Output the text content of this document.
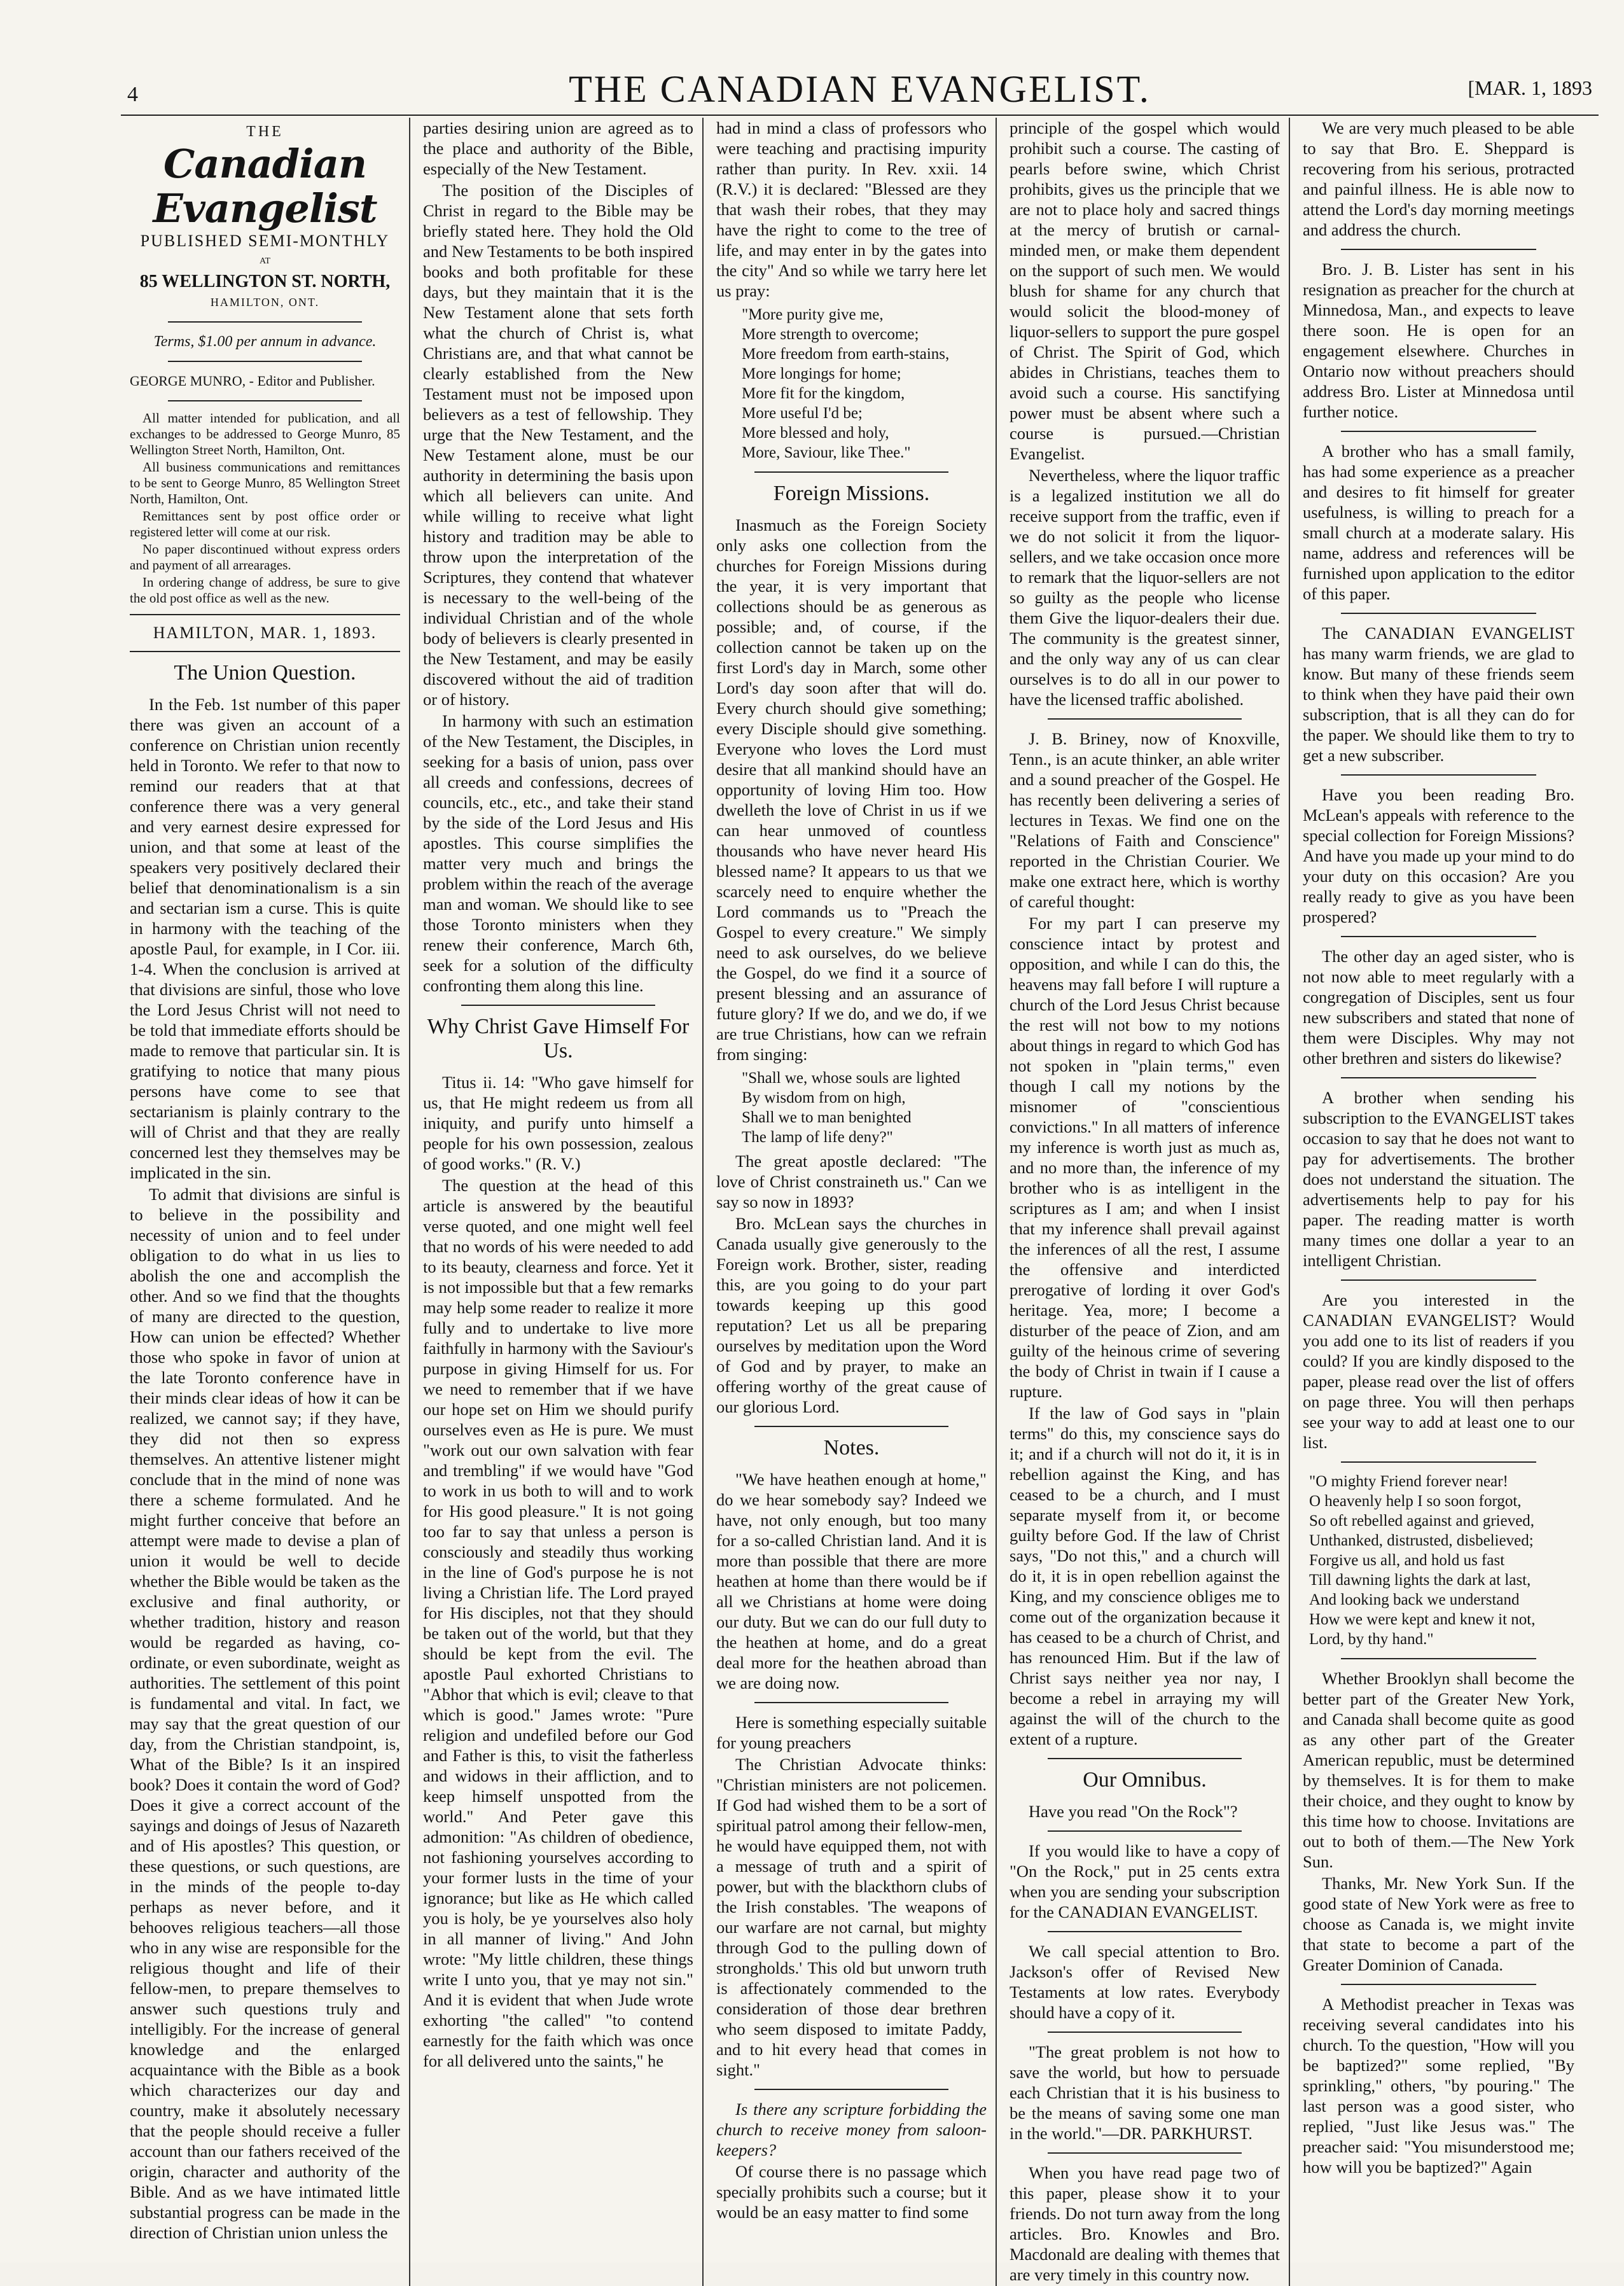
4	THE CANADIAN EVANGELIST.	[MAR. 1, 1893
THE
Canadian Evangelist
PUBLISHED SEMI-MONTHLY
AT
85 WELLINGTON ST. NORTH,
HAMILTON, ONT.
Terms, $1.00 per annum in advance.
GEORGE MUNRO, - Editor and Publisher.

All matter intended for publication, and all exchanges to be addressed to George Munro, 85 Wellington Street North, Hamilton, Ont.

All business communications and remittances to be sent to George Munro, 85 Wellington Street North, Hamilton, Ont.

Remittances sent by post office order or registered letter will come at our risk.

No paper discontinued without express orders and payment of all arrearages.

In ordering change of address, be sure to give the old post office as well as the new.

HAMILTON, MAR. 1, 1893.
The Union Question.

In the Feb. 1st number of this paper there was given an account of a conference on Christian union recently held in Toronto. We refer to that now to remind our readers that at that conference there was a very general and very earnest desire expressed for union, and that some at least of the speakers very positively declared their belief that denominationalism is a sin and sectarian ism a curse. This is quite in harmony with the teaching of the apostle Paul, for example, in I Cor. iii. 1-4. When the conclusion is arrived at that divisions are sinful, those who love the Lord Jesus Christ will not need to be told that immediate efforts should be made to remove that particular sin. It is gratifying to notice that many pious persons have come to see that sectarianism is plainly contrary to the will of Christ and that they are really concerned lest they themselves may be implicated in the sin.

To admit that divisions are sinful is to believe in the possibility and necessity of union and to feel under obligation to do what in us lies to abolish the one and accomplish the other. And so we find that the thoughts of many are directed to the question, How can union be effected? Whether those who spoke in favor of union at the late Toronto conference have in their minds clear ideas of how it can be realized, we cannot say; if they have, they did not then so express themselves. An attentive listener might conclude that in the mind of none was there a scheme formulated. And he might further conceive that before an attempt were made to devise a plan of union it would be well to decide whether the Bible would be taken as the exclusive and final authority, or whether tradition, history and reason would be regarded as having, co-ordinate, or even subordinate, weight as authorities. The settlement of this point is fundamental and vital. In fact, we may say that the great question of our day, from the Christian standpoint, is, What of the Bible? Is it an inspired book? Does it contain the word of God? Does it give a correct account of the sayings and doings of Jesus of Nazareth and of His apostles? This question, or these questions, or such questions, are in the minds of the people to-day perhaps as never before, and it behooves religious teachers—all those who in any wise are responsible for the religious thought and life of their fellow-men, to prepare themselves to answer such questions truly and intelligibly. For the increase of general knowledge and the enlarged acquaintance with the Bible as a book which characterizes our day and country, make it absolutely necessary that the people should receive a fuller account than our fathers received of the origin, character and authority of the Bible. And as we have intimated little substantial progress can be made in the direction of Christian union unless the

parties desiring union are agreed as to the place and authority of the Bible, especially of the New Testament.

The position of the Disciples of Christ in regard to the Bible may be briefly stated here. They hold the Old and New Testaments to be both inspired books and both profitable for these days, but they maintain that it is the New Testament alone that sets forth what the church of Christ is, what Christians are, and that what cannot be clearly established from the New Testament must not be imposed upon believers as a test of fellowship. They urge that the New Testament, and the New Testament alone, must be our authority in determining the basis upon which all believers can unite. And while willing to receive what light history and tradition may be able to throw upon the interpretation of the Scriptures, they contend that whatever is necessary to the well-being of the individual Christian and of the whole body of believers is clearly presented in the New Testament, and may be easily discovered without the aid of tradition or of history.

In harmony with such an estimation of the New Testament, the Disciples, in seeking for a basis of union, pass over all creeds and confessions, decrees of councils, etc., etc., and take their stand by the side of the Lord Jesus and His apostles. This course simplifies the matter very much and brings the problem within the reach of the average man and woman. We should like to see those Toronto ministers when they renew their conference, March 6th, seek for a solution of the difficulty confronting them along this line.

Why Christ Gave Himself For Us.

Titus ii. 14: "Who gave himself for us, that He might redeem us from all iniquity, and purify unto himself a people for his own possession, zealous of good works." (R. V.)

The question at the head of this article is answered by the beautiful verse quoted, and one might well feel that no words of his were needed to add to its beauty, clearness and force. Yet it is not impossible but that a few remarks may help some reader to realize it more fully and to undertake to live more faithfully in harmony with the Saviour's purpose in giving Himself for us. For we need to remember that if we have our hope set on Him we should purify ourselves even as He is pure. We must "work out our own salvation with fear and trembling" if we would have "God to work in us both to will and to work for His good pleasure." It is not going too far to say that unless a person is consciously and steadily thus working in the line of God's purpose he is not living a Christian life. The Lord prayed for His disciples, not that they should be taken out of the world, but that they should be kept from the evil. The apostle Paul exhorted Christians to "Abhor that which is evil; cleave to that which is good." James wrote: "Pure religion and undefiled before our God and Father is this, to visit the fatherless and widows in their affliction, and to keep himself unspotted from the world." And Peter gave this admonition: "As children of obedience, not fashioning yourselves according to your former lusts in the time of your ignorance; but like as He which called you is holy, be ye yourselves also holy in all manner of living." And John wrote: "My little children, these things write I unto you, that ye may not sin." And it is evident that when Jude wrote exhorting "the called" "to contend earnestly for the faith which was once for all delivered unto the saints," he

had in mind a class of professors who were teaching and practising impurity rather than purity. In Rev. xxii. 14 (R.V.) it is declared: "Blessed are they that wash their robes, that they may have the right to come to the tree of life, and may enter in by the gates into the city" And so while we tarry here let us pray:

"More purity give me,
More strength to overcome;
More freedom from earth-stains,
More longings for home;
More fit for the kingdom,
More useful I'd be;
More blessed and holy,
More, Saviour, like Thee."
Foreign Missions.

Inasmuch as the Foreign Society only asks one collection from the churches for Foreign Missions during the year, it is very important that collections should be as generous as possible; and, of course, if the collection cannot be taken up on the first Lord's day in March, some other Lord's day soon after that will do. Every church should give something; every Disciple should give something. Everyone who loves the Lord must desire that all mankind should have an opportunity of loving Him too. How dwelleth the love of Christ in us if we can hear unmoved of countless thousands who have never heard His blessed name? It appears to us that we scarcely need to enquire whether the Lord commands us to "Preach the Gospel to every creature." We simply need to ask ourselves, do we believe the Gospel, do we find it a source of present blessing and an assurance of future glory? If we do, and we do, if we are true Christians, how can we refrain from singing:

"Shall we, whose souls are lighted
By wisdom from on high,
Shall we to man benighted
The lamp of life deny?"

The great apostle declared: "The love of Christ constraineth us." Can we say so now in 1893?

Bro. McLean says the churches in Canada usually give generously to the Foreign work. Brother, sister, reading this, are you going to do your part towards keeping up this good reputation? Let us all be preparing ourselves by meditation upon the Word of God and by prayer, to make an offering worthy of the great cause of our glorious Lord.

Notes.

"We have heathen enough at home," do we hear somebody say? Indeed we have, not only enough, but too many for a so-called Christian land. And it is more than possible that there are more heathen at home than there would be if all we Christians at home were doing our duty. But we can do our full duty to the heathen at home, and do a great deal more for the heathen abroad than we are doing now.

Here is something especially suitable for young preachers

The Christian Advocate thinks: "Christian ministers are not policemen. If God had wished them to be a sort of spiritual patrol among their fellow-men, he would have equipped them, not with a message of truth and a spirit of power, but with the blackthorn clubs of the Irish constables. 'The weapons of our warfare are not carnal, but mighty through God to the pulling down of strongholds.' This old but unworn truth is affectionately commended to the consideration of those dear brethren who seem disposed to imitate Paddy, and to hit every head that comes in sight."

Is there any scripture forbidding the church to receive money from saloon-keepers?

Of course there is no passage which specially prohibits such a course; but it would be an easy matter to find some

principle of the gospel which would prohibit such a course. The casting of pearls before swine, which Christ prohibits, gives us the principle that we are not to place holy and sacred things at the mercy of brutish or carnal-minded men, or make them dependent on the support of such men. We would blush for shame for any church that would solicit the blood-money of liquor-sellers to support the pure gospel of Christ. The Spirit of God, which abides in Christians, teaches them to avoid such a course. His sanctifying power must be absent where such a course is pursued.—Christian Evangelist.

Nevertheless, where the liquor traffic is a legalized institution we all do receive support from the traffic, even if we do not solicit it from the liquor-sellers, and we take occasion once more to remark that the liquor-sellers are not so guilty as the people who license them Give the liquor-dealers their due. The community is the greatest sinner, and the only way any of us can clear ourselves is to do all in our power to have the licensed traffic abolished.

J. B. Briney, now of Knoxville, Tenn., is an acute thinker, an able writer and a sound preacher of the Gospel. He has recently been delivering a series of lectures in Texas. We find one on the "Relations of Faith and Conscience" reported in the Christian Courier. We make one extract here, which is worthy of careful thought:

For my part I can preserve my conscience intact by protest and opposition, and while I can do this, the heavens may fall before I will rupture a church of the Lord Jesus Christ because the rest will not bow to my notions about things in regard to which God has not spoken in "plain terms," even though I call my notions by the misnomer of "conscientious convictions." In all matters of inference my inference is worth just as much as, and no more than, the inference of my brother who is as intelligent in the scriptures as I am; and when I insist that my inference shall prevail against the inferences of all the rest, I assume the offensive and interdicted prerogative of lording it over God's heritage. Yea, more; I become a disturber of the peace of Zion, and am guilty of the heinous crime of severing the body of Christ in twain if I cause a rupture.

If the law of God says in "plain terms" do this, my conscience says do it; and if a church will not do it, it is in rebellion against the King, and has ceased to be a church, and I must separate myself from it, or become guilty before God. If the law of Christ says, "Do not this," and a church will do it, it is in open rebellion against the King, and my conscience obliges me to come out of the organization because it has ceased to be a church of Christ, and has renounced Him. But if the law of Christ says neither yea nor nay, I become a rebel in arraying my will against the will of the church to the extent of a rupture.

Our Omnibus.

Have you read "On the Rock"?

If you would like to have a copy of "On the Rock," put in 25 cents extra when you are sending your subscription for the CANADIAN EVANGELIST.

We call special attention to Bro. Jackson's offer of Revised New Testaments at low rates. Everybody should have a copy of it.

"The great problem is not how to save the world, but how to persuade each Christian that it is his business to be the means of saving some one man in the world."—DR. PARKHURST.

When you have read page two of this paper, please show it to your friends. Do not turn away from the long articles. Bro. Knowles and Bro. Macdonald are dealing with themes that are very timely in this country now.

We are very much pleased to be able to say that Bro. E. Sheppard is recovering from his serious, protracted and painful illness. He is able now to attend the Lord's day morning meetings and address the church.

Bro. J. B. Lister has sent in his resignation as preacher for the church at Minnedosa, Man., and expects to leave there soon. He is open for an engagement elsewhere. Churches in Ontario now without preachers should address Bro. Lister at Minnedosa until further notice.

A brother who has a small family, has had some experience as a preacher and desires to fit himself for greater usefulness, is willing to preach for a small church at a moderate salary. His name, address and references will be furnished upon application to the editor of this paper.

The CANADIAN EVANGELIST has many warm friends, we are glad to know. But many of these friends seem to think when they have paid their own subscription, that is all they can do for the paper. We should like them to try to get a new subscriber.

Have you been reading Bro. McLean's appeals with reference to the special collection for Foreign Missions? And have you made up your mind to do your duty on this occasion? Are you really ready to give as you have been prospered?

The other day an aged sister, who is not now able to meet regularly with a congregation of Disciples, sent us four new subscribers and stated that none of them were Disciples. Why may not other brethren and sisters do likewise?

A brother when sending his subscription to the EVANGELIST takes occasion to say that he does not want to pay for advertisements. The brother does not understand the situation. The advertisements help to pay for his paper. The reading matter is worth many times one dollar a year to an intelligent Christian.

Are you interested in the CANADIAN EVANGELIST? Would you add one to its list of readers if you could? If you are kindly disposed to the paper, please read over the list of offers on page three. You will then perhaps see your way to add at least one to our list.

"O mighty Friend forever near!
O heavenly help I so soon forgot,
So oft rebelled against and grieved,
Unthanked, distrusted, disbelieved;
Forgive us all, and hold us fast
Till dawning lights the dark at last,
And looking back we understand
How we were kept and knew it not,
Lord, by thy hand."

Whether Brooklyn shall become the better part of the Greater New York, and Canada shall become quite as good as any other part of the Greater American republic, must be determined by themselves. It is for them to make their choice, and they ought to know by this time how to choose. Invitations are out to both of them.—The New York Sun.

Thanks, Mr. New York Sun. If the good state of New York were as free to choose as Canada is, we might invite that state to become a part of the Greater Dominion of Canada.

A Methodist preacher in Texas was receiving several candidates into his church. To the question, "How will you be baptized?" some replied, "By sprinkling," others, "by pouring." The last person was a good sister, who replied, "Just like Jesus was." The preacher said: "You misunderstood me; how will you be baptized?" Again
